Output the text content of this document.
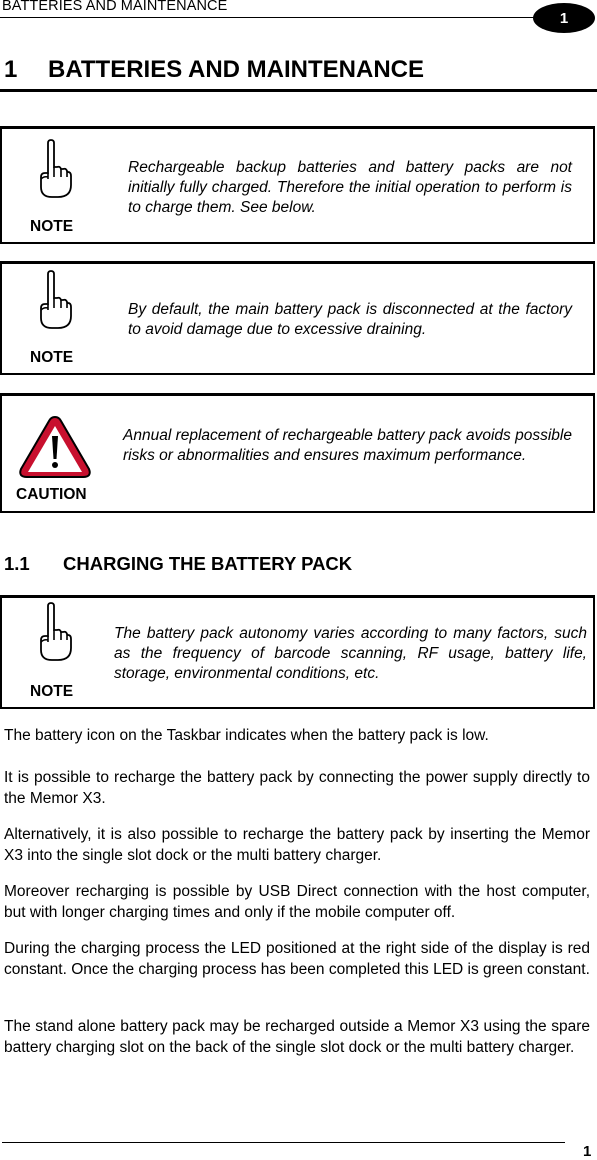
BATTERIES AND MAINTENANCE
1
1 BATTERIES AND MAINTENANCE
NOTE
Rechargeable backup batteries and battery packs are not initially fully charged. Therefore the initial operation to perform is to charge them. See below.
NOTE
By default, the main battery pack is disconnected at the factory to avoid damage due to excessive draining.
CAUTION
Annual replacement of rechargeable battery pack avoids possible risks or abnormalities and ensures maximum performance.
1.1 CHARGING THE BATTERY PACK
NOTE
The battery pack autonomy varies according to many factors, such as the frequency of barcode scanning, RF usage, battery life, storage, environmental conditions, etc.

The battery icon on the Taskbar indicates when the battery pack is low.

It is possible to recharge the battery pack by connecting the power supply directly to the Memor X3.

Alternatively, it is also possible to recharge the battery pack by inserting the Memor X3 into the single slot dock or the multi battery charger.

Moreover recharging is possible by USB Direct connection with the host computer, but with longer charging times and only if the mobile computer off.

During the charging process the LED positioned at the right side of the display is red constant. Once the charging process has been completed this LED is green constant.

The stand alone battery pack may be recharged outside a Memor X3 using the spare battery charging slot on the back of the single slot dock or the multi battery charger.

1
